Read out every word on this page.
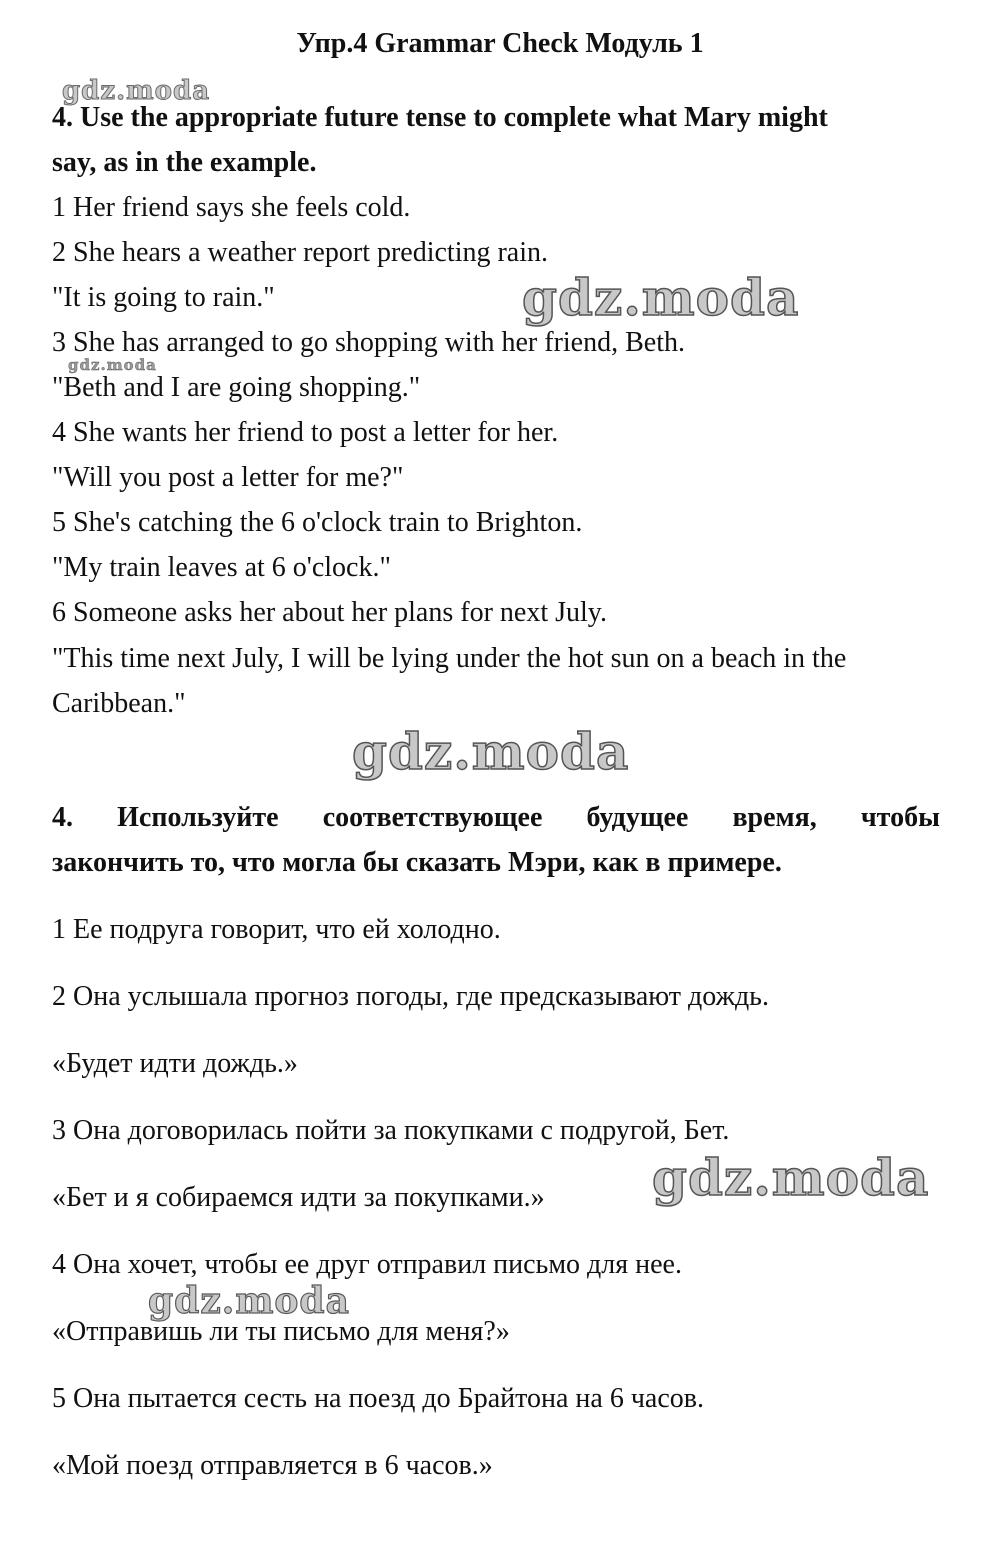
Упр.4 Grammar Check Модуль 1
gdz.moda
gdz.moda
gdz.moda
gdz.moda
gdz.moda
gdz.moda

4. Use the appropriate future tense to complete what Mary might

say, as in the example.

1 Her friend says she feels cold.

2 She hears a weather report predicting rain.

"It is going to rain."

3 She has arranged to go shopping with her friend, Beth.

"Beth and I are going shopping."

4 She wants her friend to post a letter for her.

"Will you post a letter for me?"

5 She's catching the 6 o'clock train to Brighton.

"My train leaves at 6 o'clock."

6 Someone asks her about her plans for next July.

"This time next July, I will be lying under the hot sun on a beach in the

Caribbean."

4. Используйте соответствующее будущее время, чтобы

закончить то, что могла бы сказать Мэри, как в примере.

1 Ее подруга говорит, что ей холодно.

2 Она услышала прогноз погоды, где предсказывают дождь.

«Будет идти дождь.»

3 Она договорилась пойти за покупками с подругой, Бет.

«Бет и я собираемся идти за покупками.»

4 Она хочет, чтобы ее друг отправил письмо для нее.

«Отправишь ли ты письмо для меня?»

5 Она пытается сесть на поезд до Брайтона на 6 часов.

«Мой поезд отправляется в 6 часов.»
